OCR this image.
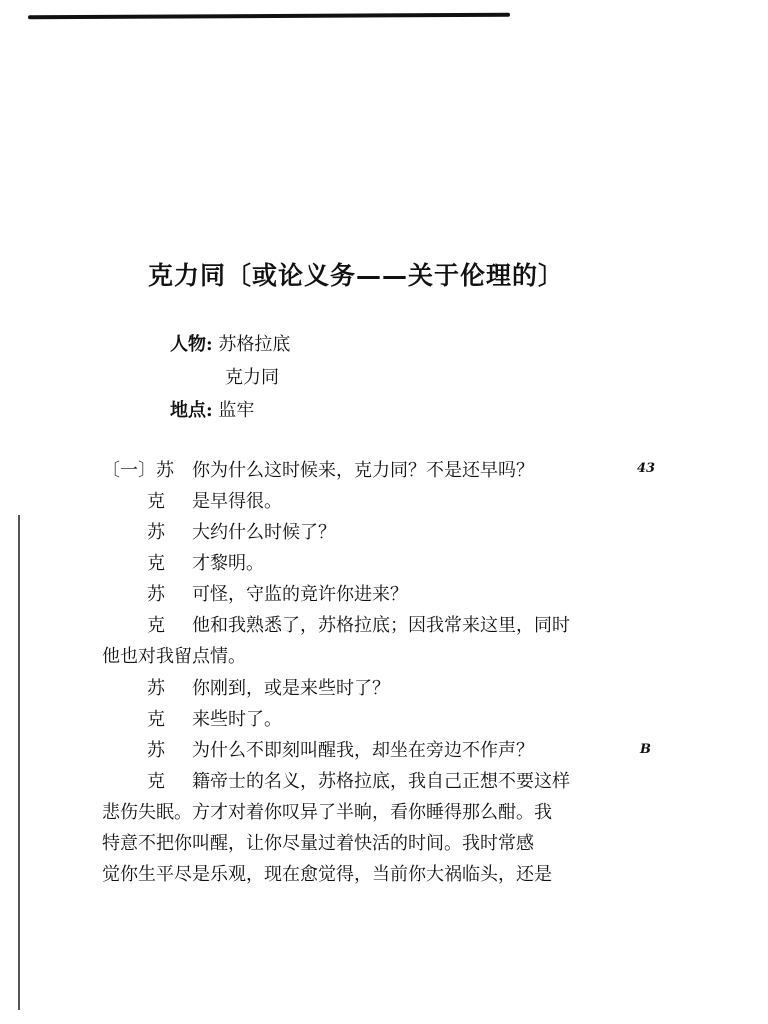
克力同〔或论义务——关于伦理的〕
人物: 苏格拉底
克力同
地点: 监牢
〔一〕苏 你为什么这时候来，克力同？不是还早吗？
克 是早得很。
苏 大约什么时候了？
克 才黎明。
苏 可怪，守监的竟许你进来？
克 他和我熟悉了，苏格拉底；因我常来这里，同时
他也对我留点情。
苏 你刚到，或是来些时了？
克 来些时了。
苏 为什么不即刻叫醒我，却坐在旁边不作声？
克 籍帝士的名义，苏格拉底，我自己正想不要这样
悲伤失眠。方才对着你叹异了半晌，看你睡得那么酣。我
特意不把你叫醒，让你尽量过着快活的时间。我时常感
觉你生平尽是乐观，现在愈觉得，当前你大祸临头，还是
43
B
